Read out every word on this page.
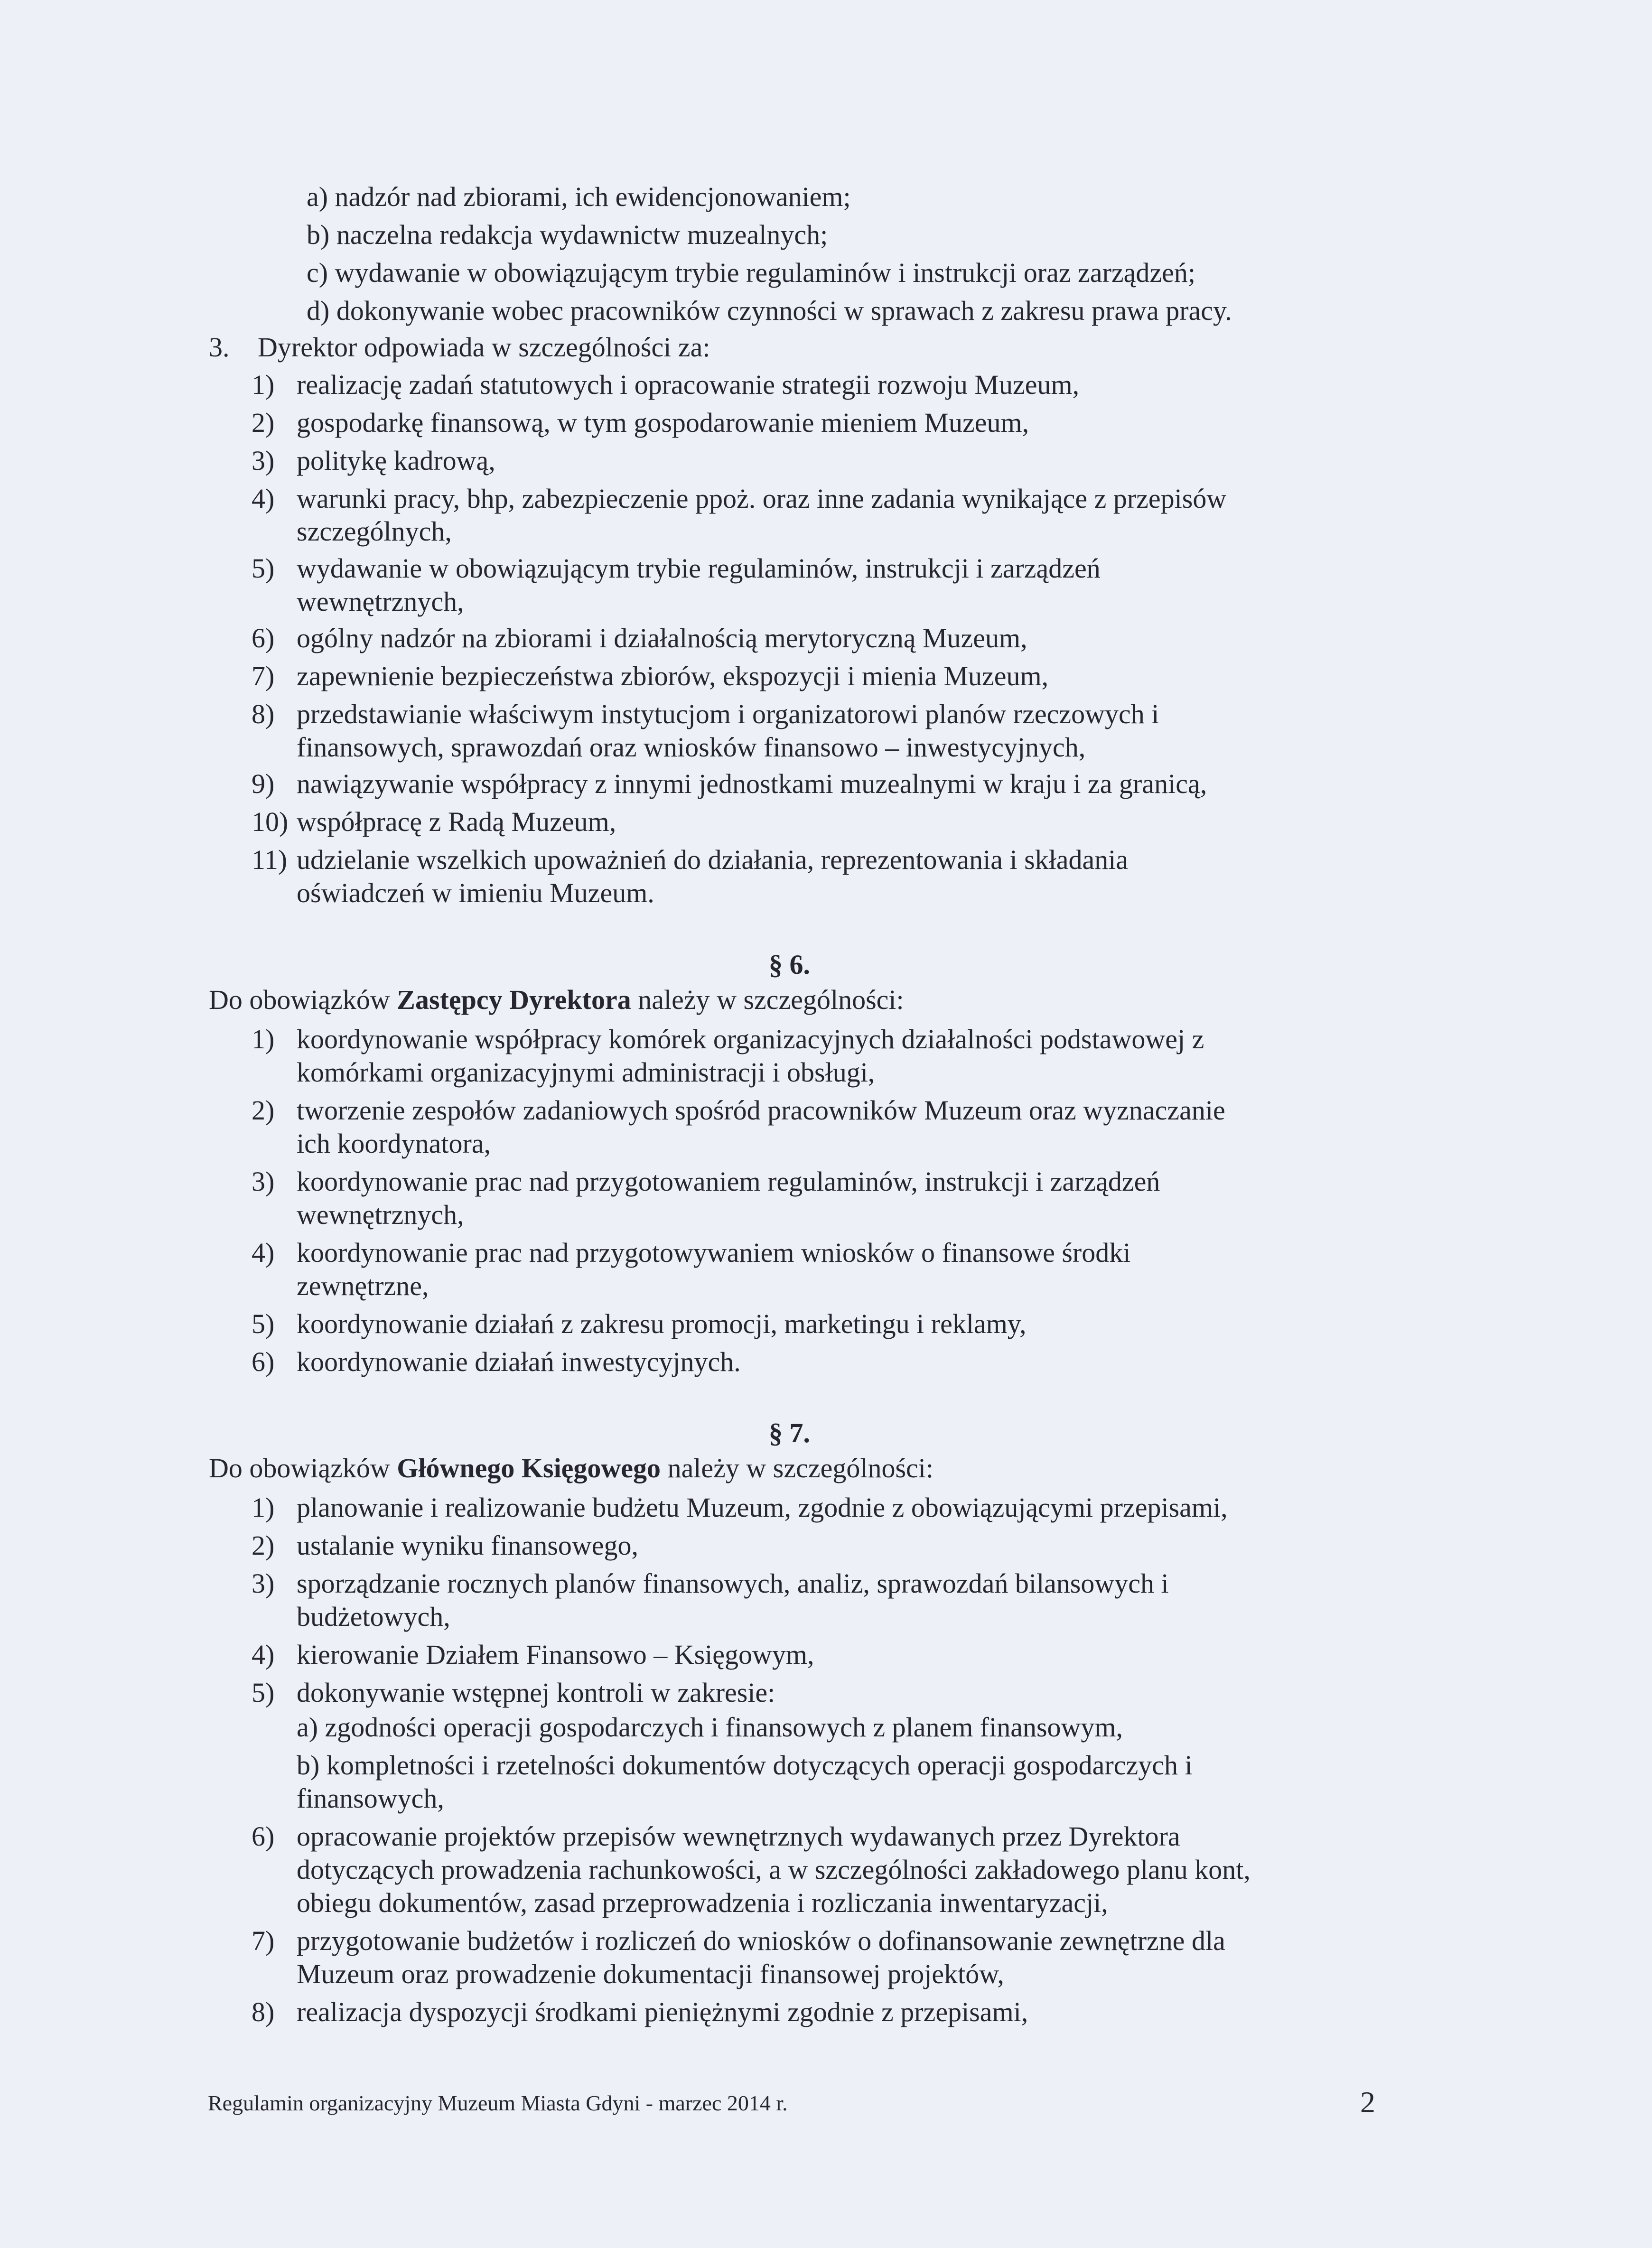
a) nadzór nad zbiorami, ich ewidencjonowaniem;
b) naczelna redakcja wydawnictw muzealnych;
c) wydawanie w obowiązującym trybie regulaminów i instrukcji oraz zarządzeń;
d) dokonywanie wobec pracowników czynności w sprawach z zakresu prawa pracy.
3. Dyrektor odpowiada w szczególności za:
1) realizację zadań statutowych i opracowanie strategii rozwoju Muzeum,
2) gospodarkę finansową, w tym gospodarowanie mieniem Muzeum,
3) politykę kadrową,
4) warunki pracy, bhp, zabezpieczenie ppoż. oraz inne zadania wynikające z przepisów
szczególnych,
5) wydawanie w obowiązującym trybie regulaminów, instrukcji i zarządzeń
wewnętrznych,
6) ogólny nadzór na zbiorami i działalnością merytoryczną Muzeum,
7) zapewnienie bezpieczeństwa zbiorów, ekspozycji i mienia Muzeum,
8) przedstawianie właściwym instytucjom i organizatorowi planów rzeczowych i
finansowych, sprawozdań oraz wniosków finansowo – inwestycyjnych,
9) nawiązywanie współpracy z innymi jednostkami muzealnymi w kraju i za granicą,
10) współpracę z Radą Muzeum,
11) udzielanie wszelkich upoważnień do działania, reprezentowania i składania
oświadczeń w imieniu Muzeum.
§ 6.
Do obowiązków Zastępcy Dyrektora należy w szczególności:
1) koordynowanie współpracy komórek organizacyjnych działalności podstawowej z
komórkami organizacyjnymi administracji i obsługi,
2) tworzenie zespołów zadaniowych spośród pracowników Muzeum oraz wyznaczanie
ich koordynatora,
3) koordynowanie prac nad przygotowaniem regulaminów, instrukcji i zarządzeń
wewnętrznych,
4) koordynowanie prac nad przygotowywaniem wniosków o finansowe środki
zewnętrzne,
5) koordynowanie działań z zakresu promocji, marketingu i reklamy,
6) koordynowanie działań inwestycyjnych.
§ 7.
Do obowiązków Głównego Księgowego należy w szczególności:
1) planowanie i realizowanie budżetu Muzeum, zgodnie z obowiązującymi przepisami,
2) ustalanie wyniku finansowego,
3) sporządzanie rocznych planów finansowych, analiz, sprawozdań bilansowych i
budżetowych,
4) kierowanie Działem Finansowo – Księgowym,
5) dokonywanie wstępnej kontroli w zakresie:
a) zgodności operacji gospodarczych i finansowych z planem finansowym,
b) kompletności i rzetelności dokumentów dotyczących operacji gospodarczych i
finansowych,
6) opracowanie projektów przepisów wewnętrznych wydawanych przez Dyrektora
dotyczących prowadzenia rachunkowości, a w szczególności zakładowego planu kont,
obiegu dokumentów, zasad przeprowadzenia i rozliczania inwentaryzacji,
7) przygotowanie budżetów i rozliczeń do wniosków o dofinansowanie zewnętrzne dla
Muzeum oraz prowadzenie dokumentacji finansowej projektów,
8) realizacja dyspozycji środkami pieniężnymi zgodnie z przepisami,
Regulamin organizacyjny Muzeum Miasta Gdyni - marzec 2014 r.	2
